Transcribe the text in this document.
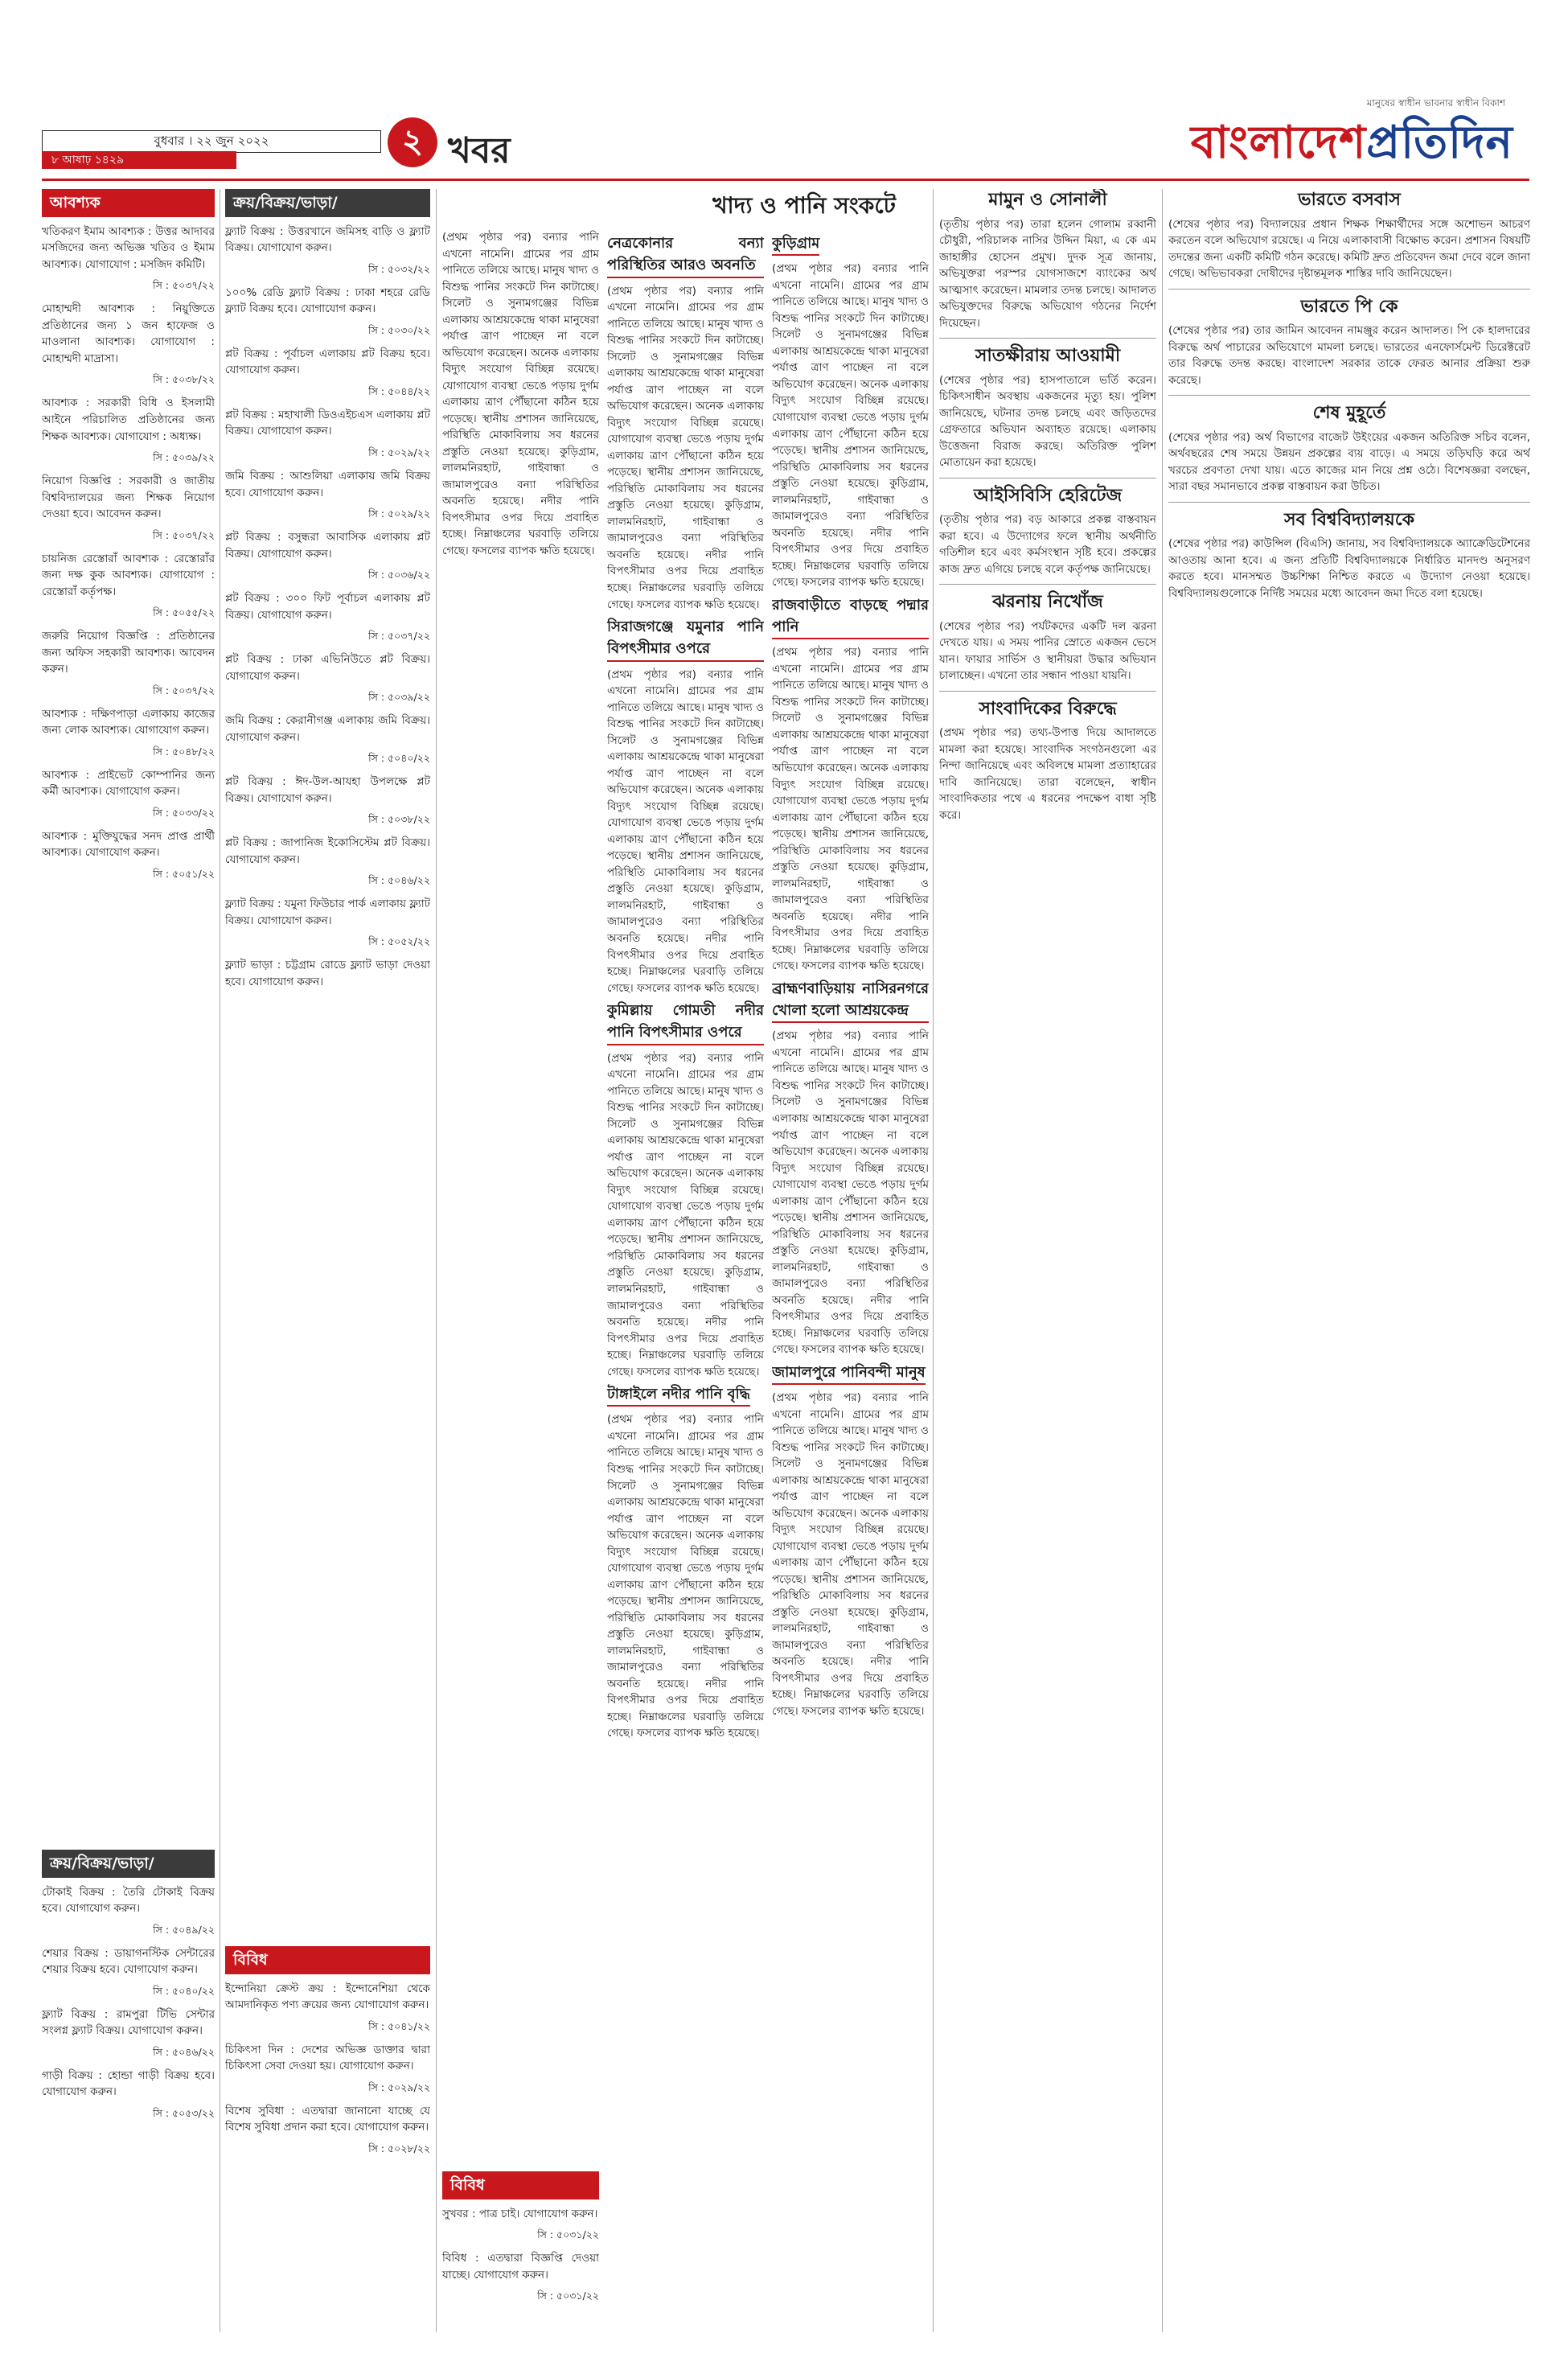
বুধবার । ২২ জুন ২০২২
৮ আষাঢ় ১৪২৯
২ খবর
মানুষের স্বাধীন ভাবনার স্বাধীন বিকাশ
বাংলাদেশপ্রতিদিন
আবশ্যক

খতিকরণ ইমাম আবশ্যক : উত্তর আদাবর মসজিদের জন্য অভিজ্ঞ খতিব ও ইমাম আবশ্যক। যোগাযোগ : মসজিদ কমিটি।

সি : ৫০৩৭/২২

মোহাম্মদী আবশ্যক : নিয়ুক্তিতে প্রতিষ্ঠানের জন্য ১ জন হাফেজ ও মাওলানা আবশ্যক। যোগাযোগ : মোহাম্মদী মাদ্রাসা।

সি : ৫০৩৮/২২

আবশ্যক : সরকারী বিধি ও ইসলামী আইনে পরিচালিত প্রতিষ্ঠানের জন্য শিক্ষক আবশ্যক। যোগাযোগ : অধ্যক্ষ।

সি : ৫০৩৯/২২

নিয়োগ বিজ্ঞপ্তি : সরকারী ও জাতীয় বিশ্ববিদ্যালয়ের জন্য শিক্ষক নিয়োগ দেওয়া হবে। আবেদন করুন।

সি : ৫০৩৭/২২

চায়নিজ রেস্তোরাঁ আবশ্যক : রেস্তোরাঁর জন্য দক্ষ কুক আবশ্যক। যোগাযোগ : রেস্তোরাঁ কর্তৃপক্ষ।

সি : ৫০৫৫/২২

জরুরি নিয়োগ বিজ্ঞপ্তি : প্রতিষ্ঠানের জন্য অফিস সহকারী আবশ্যক। আবেদন করুন।

সি : ৫০৩৭/২২

আবশ্যক : দক্ষিণপাড়া এলাকায় কাজের জন্য লোক আবশ্যক। যোগাযোগ করুন।

সি : ৫০৪৮/২২

আবশ্যক : প্রাইভেট কোম্পানির জন্য কর্মী আবশ্যক। যোগাযোগ করুন।

সি : ৫০৩৩/২২

আবশ্যক : মুক্তিযুদ্ধের সনদ প্রাপ্ত প্রার্থী আবশ্যক। যোগাযোগ করুন।

সি : ৫০৫১/২২
ক্রয়/বিক্রয়/ভাড়া/

টোকাই বিক্রয় : তৈরি টোকাই বিক্রয় হবে। যোগাযোগ করুন।

সি : ৫০৪৯/২২

শেয়ার বিক্রয় : ডায়াগনস্টিক সেন্টারের শেয়ার বিক্রয় হবে। যোগাযোগ করুন।

সি : ৫০৪০/২২

ফ্ল্যাট বিক্রয় : রামপুরা টিভি সেন্টার সংলগ্ন ফ্ল্যাট বিক্রয়। যোগাযোগ করুন।

সি : ৫০৪৬/২২

গাড়ী বিক্রয় : হোন্ডা গাড়ী বিক্রয় হবে। যোগাযোগ করুন।

সি : ৫০৫৩/২২
ক্রয়/বিক্রয়/ভাড়া/

ফ্ল্যাট বিক্রয় : উত্তরখানে জমিসহ বাড়ি ও ফ্ল্যাট বিক্রয়। যোগাযোগ করুন।

সি : ৫০৩২/২২

১০০% রেডি ফ্ল্যাট বিক্রয় : ঢাকা শহরে রেডি ফ্ল্যাট বিক্রয় হবে। যোগাযোগ করুন।

সি : ৫০৩০/২২

প্লট বিক্রয় : পূর্বাচল এলাকায় প্লট বিক্রয় হবে। যোগাযোগ করুন।

সি : ৫০৪৪/২২

প্লট বিক্রয় : মহাখালী ডিওএইচএস এলাকায় প্লট বিক্রয়। যোগাযোগ করুন।

সি : ৫০২৯/২২

জমি বিক্রয় : আশুলিয়া এলাকায় জমি বিক্রয় হবে। যোগাযোগ করুন।

সি : ৫০২৯/২২

প্লট বিক্রয় : বসুন্ধরা আবাসিক এলাকায় প্লট বিক্রয়। যোগাযোগ করুন।

সি : ৫০৩৬/২২

প্লট বিক্রয় : ৩০০ ফিট পূর্বাচল এলাকায় প্লট বিক্রয়। যোগাযোগ করুন।

সি : ৫০৩৭/২২

প্লট বিক্রয় : ঢাকা এভিনিউতে প্লট বিক্রয়। যোগাযোগ করুন।

সি : ৫০৩৯/২২

জমি বিক্রয় : কেরানীগঞ্জ এলাকায় জমি বিক্রয়। যোগাযোগ করুন।

সি : ৫০৪০/২২

প্লট বিক্রয় : ঈদ-উল-আযহা উপলক্ষে প্লট বিক্রয়। যোগাযোগ করুন।

সি : ৫০৩৮/২২

প্লট বিক্রয় : জাপানিজ ইকোসিস্টেম প্লট বিক্রয়। যোগাযোগ করুন।

সি : ৫০৪৬/২২

ফ্ল্যাট বিক্রয় : যমুনা ফিউচার পার্ক এলাকায় ফ্ল্যাট বিক্রয়। যোগাযোগ করুন।

সি : ৫০৫২/২২

ফ্ল্যাট ভাড়া : চট্টগ্রাম রোডে ফ্ল্যাট ভাড়া দেওয়া হবে। যোগাযোগ করুন।

বিবিধ

ইন্দোনিয়া ক্রেস্ট ক্রয় : ইন্দোনেশিয়া থেকে আমদানিকৃত পণ্য ক্রয়ের জন্য যোগাযোগ করুন।

সি : ৫০৪১/২২

চিকিৎসা দিন : দেশের অভিজ্ঞ ডাক্তার দ্বারা চিকিৎসা সেবা দেওয়া হয়। যোগাযোগ করুন।

সি : ৫০২৯/২২

বিশেষ সুবিধা : এতদ্বারা জানানো যাচ্ছে যে বিশেষ সুবিধা প্রদান করা হবে। যোগাযোগ করুন।

সি : ৫০২৮/২২
খাদ্য ও পানি সংকটে

(প্রথম পৃষ্ঠার পর) বন্যার পানি এখনো নামেনি। গ্রামের পর গ্রাম পানিতে তলিয়ে আছে। মানুষ খাদ্য ও বিশুদ্ধ পানির সংকটে দিন কাটাচ্ছে। সিলেট ও সুনামগঞ্জের বিভিন্ন এলাকায় আশ্রয়কেন্দ্রে থাকা মানুষেরা পর্যাপ্ত ত্রাণ পাচ্ছেন না বলে অভিযোগ করেছেন। অনেক এলাকায় বিদ্যুৎ সংযোগ বিচ্ছিন্ন রয়েছে। যোগাযোগ ব্যবস্থা ভেঙে পড়ায় দুর্গম এলাকায় ত্রাণ পৌঁছানো কঠিন হয়ে পড়েছে। স্থানীয় প্রশাসন জানিয়েছে, পরিস্থিতি মোকাবিলায় সব ধরনের প্রস্তুতি নেওয়া হয়েছে। কুড়িগ্রাম, লালমনিরহাট, গাইবান্ধা ও জামালপুরেও বন্যা পরিস্থিতির অবনতি হয়েছে। নদীর পানি বিপৎসীমার ওপর দিয়ে প্রবাহিত হচ্ছে। নিম্নাঞ্চলের ঘরবাড়ি তলিয়ে গেছে। ফসলের ব্যাপক ক্ষতি হয়েছে।

নেত্রকোনার বন্যা পরিস্থিতির আরও অবনতি
(প্রথম পৃষ্ঠার পর) বন্যার পানি এখনো নামেনি। গ্রামের পর গ্রাম পানিতে তলিয়ে আছে। মানুষ খাদ্য ও বিশুদ্ধ পানির সংকটে দিন কাটাচ্ছে। সিলেট ও সুনামগঞ্জের বিভিন্ন এলাকায় আশ্রয়কেন্দ্রে থাকা মানুষেরা পর্যাপ্ত ত্রাণ পাচ্ছেন না বলে অভিযোগ করেছেন। অনেক এলাকায় বিদ্যুৎ সংযোগ বিচ্ছিন্ন রয়েছে। যোগাযোগ ব্যবস্থা ভেঙে পড়ায় দুর্গম এলাকায় ত্রাণ পৌঁছানো কঠিন হয়ে পড়েছে। স্থানীয় প্রশাসন জানিয়েছে, পরিস্থিতি মোকাবিলায় সব ধরনের প্রস্তুতি নেওয়া হয়েছে। কুড়িগ্রাম, লালমনিরহাট, গাইবান্ধা ও জামালপুরেও বন্যা পরিস্থিতির অবনতি হয়েছে। নদীর পানি বিপৎসীমার ওপর দিয়ে প্রবাহিত হচ্ছে। নিম্নাঞ্চলের ঘরবাড়ি তলিয়ে গেছে। ফসলের ব্যাপক ক্ষতি হয়েছে।
সিরাজগঞ্জে যমুনার পানি বিপৎসীমার ওপরে
(প্রথম পৃষ্ঠার পর) বন্যার পানি এখনো নামেনি। গ্রামের পর গ্রাম পানিতে তলিয়ে আছে। মানুষ খাদ্য ও বিশুদ্ধ পানির সংকটে দিন কাটাচ্ছে। সিলেট ও সুনামগঞ্জের বিভিন্ন এলাকায় আশ্রয়কেন্দ্রে থাকা মানুষেরা পর্যাপ্ত ত্রাণ পাচ্ছেন না বলে অভিযোগ করেছেন। অনেক এলাকায় বিদ্যুৎ সংযোগ বিচ্ছিন্ন রয়েছে। যোগাযোগ ব্যবস্থা ভেঙে পড়ায় দুর্গম এলাকায় ত্রাণ পৌঁছানো কঠিন হয়ে পড়েছে। স্থানীয় প্রশাসন জানিয়েছে, পরিস্থিতি মোকাবিলায় সব ধরনের প্রস্তুতি নেওয়া হয়েছে। কুড়িগ্রাম, লালমনিরহাট, গাইবান্ধা ও জামালপুরেও বন্যা পরিস্থিতির অবনতি হয়েছে। নদীর পানি বিপৎসীমার ওপর দিয়ে প্রবাহিত হচ্ছে। নিম্নাঞ্চলের ঘরবাড়ি তলিয়ে গেছে। ফসলের ব্যাপক ক্ষতি হয়েছে।
কুমিল্লায় গোমতী নদীর পানি বিপৎসীমার ওপরে
(প্রথম পৃষ্ঠার পর) বন্যার পানি এখনো নামেনি। গ্রামের পর গ্রাম পানিতে তলিয়ে আছে। মানুষ খাদ্য ও বিশুদ্ধ পানির সংকটে দিন কাটাচ্ছে। সিলেট ও সুনামগঞ্জের বিভিন্ন এলাকায় আশ্রয়কেন্দ্রে থাকা মানুষেরা পর্যাপ্ত ত্রাণ পাচ্ছেন না বলে অভিযোগ করেছেন। অনেক এলাকায় বিদ্যুৎ সংযোগ বিচ্ছিন্ন রয়েছে। যোগাযোগ ব্যবস্থা ভেঙে পড়ায় দুর্গম এলাকায় ত্রাণ পৌঁছানো কঠিন হয়ে পড়েছে। স্থানীয় প্রশাসন জানিয়েছে, পরিস্থিতি মোকাবিলায় সব ধরনের প্রস্তুতি নেওয়া হয়েছে। কুড়িগ্রাম, লালমনিরহাট, গাইবান্ধা ও জামালপুরেও বন্যা পরিস্থিতির অবনতি হয়েছে। নদীর পানি বিপৎসীমার ওপর দিয়ে প্রবাহিত হচ্ছে। নিম্নাঞ্চলের ঘরবাড়ি তলিয়ে গেছে। ফসলের ব্যাপক ক্ষতি হয়েছে।
টাঙ্গাইলে নদীর পানি বৃদ্ধি
(প্রথম পৃষ্ঠার পর) বন্যার পানি এখনো নামেনি। গ্রামের পর গ্রাম পানিতে তলিয়ে আছে। মানুষ খাদ্য ও বিশুদ্ধ পানির সংকটে দিন কাটাচ্ছে। সিলেট ও সুনামগঞ্জের বিভিন্ন এলাকায় আশ্রয়কেন্দ্রে থাকা মানুষেরা পর্যাপ্ত ত্রাণ পাচ্ছেন না বলে অভিযোগ করেছেন। অনেক এলাকায় বিদ্যুৎ সংযোগ বিচ্ছিন্ন রয়েছে। যোগাযোগ ব্যবস্থা ভেঙে পড়ায় দুর্গম এলাকায় ত্রাণ পৌঁছানো কঠিন হয়ে পড়েছে। স্থানীয় প্রশাসন জানিয়েছে, পরিস্থিতি মোকাবিলায় সব ধরনের প্রস্তুতি নেওয়া হয়েছে। কুড়িগ্রাম, লালমনিরহাট, গাইবান্ধা ও জামালপুরেও বন্যা পরিস্থিতির অবনতি হয়েছে। নদীর পানি বিপৎসীমার ওপর দিয়ে প্রবাহিত হচ্ছে। নিম্নাঞ্চলের ঘরবাড়ি তলিয়ে গেছে। ফসলের ব্যাপক ক্ষতি হয়েছে।

কুড়িগ্রাম
(প্রথম পৃষ্ঠার পর) বন্যার পানি এখনো নামেনি। গ্রামের পর গ্রাম পানিতে তলিয়ে আছে। মানুষ খাদ্য ও বিশুদ্ধ পানির সংকটে দিন কাটাচ্ছে। সিলেট ও সুনামগঞ্জের বিভিন্ন এলাকায় আশ্রয়কেন্দ্রে থাকা মানুষেরা পর্যাপ্ত ত্রাণ পাচ্ছেন না বলে অভিযোগ করেছেন। অনেক এলাকায় বিদ্যুৎ সংযোগ বিচ্ছিন্ন রয়েছে। যোগাযোগ ব্যবস্থা ভেঙে পড়ায় দুর্গম এলাকায় ত্রাণ পৌঁছানো কঠিন হয়ে পড়েছে। স্থানীয় প্রশাসন জানিয়েছে, পরিস্থিতি মোকাবিলায় সব ধরনের প্রস্তুতি নেওয়া হয়েছে। কুড়িগ্রাম, লালমনিরহাট, গাইবান্ধা ও জামালপুরেও বন্যা পরিস্থিতির অবনতি হয়েছে। নদীর পানি বিপৎসীমার ওপর দিয়ে প্রবাহিত হচ্ছে। নিম্নাঞ্চলের ঘরবাড়ি তলিয়ে গেছে। ফসলের ব্যাপক ক্ষতি হয়েছে।
রাজবাড়ীতে বাড়ছে পদ্মার পানি
(প্রথম পৃষ্ঠার পর) বন্যার পানি এখনো নামেনি। গ্রামের পর গ্রাম পানিতে তলিয়ে আছে। মানুষ খাদ্য ও বিশুদ্ধ পানির সংকটে দিন কাটাচ্ছে। সিলেট ও সুনামগঞ্জের বিভিন্ন এলাকায় আশ্রয়কেন্দ্রে থাকা মানুষেরা পর্যাপ্ত ত্রাণ পাচ্ছেন না বলে অভিযোগ করেছেন। অনেক এলাকায় বিদ্যুৎ সংযোগ বিচ্ছিন্ন রয়েছে। যোগাযোগ ব্যবস্থা ভেঙে পড়ায় দুর্গম এলাকায় ত্রাণ পৌঁছানো কঠিন হয়ে পড়েছে। স্থানীয় প্রশাসন জানিয়েছে, পরিস্থিতি মোকাবিলায় সব ধরনের প্রস্তুতি নেওয়া হয়েছে। কুড়িগ্রাম, লালমনিরহাট, গাইবান্ধা ও জামালপুরেও বন্যা পরিস্থিতির অবনতি হয়েছে। নদীর পানি বিপৎসীমার ওপর দিয়ে প্রবাহিত হচ্ছে। নিম্নাঞ্চলের ঘরবাড়ি তলিয়ে গেছে। ফসলের ব্যাপক ক্ষতি হয়েছে।
ব্রাহ্মণবাড়িয়ায় নাসিরনগরে খোলা হলো আশ্রয়কেন্দ্র
(প্রথম পৃষ্ঠার পর) বন্যার পানি এখনো নামেনি। গ্রামের পর গ্রাম পানিতে তলিয়ে আছে। মানুষ খাদ্য ও বিশুদ্ধ পানির সংকটে দিন কাটাচ্ছে। সিলেট ও সুনামগঞ্জের বিভিন্ন এলাকায় আশ্রয়কেন্দ্রে থাকা মানুষেরা পর্যাপ্ত ত্রাণ পাচ্ছেন না বলে অভিযোগ করেছেন। অনেক এলাকায় বিদ্যুৎ সংযোগ বিচ্ছিন্ন রয়েছে। যোগাযোগ ব্যবস্থা ভেঙে পড়ায় দুর্গম এলাকায় ত্রাণ পৌঁছানো কঠিন হয়ে পড়েছে। স্থানীয় প্রশাসন জানিয়েছে, পরিস্থিতি মোকাবিলায় সব ধরনের প্রস্তুতি নেওয়া হয়েছে। কুড়িগ্রাম, লালমনিরহাট, গাইবান্ধা ও জামালপুরেও বন্যা পরিস্থিতির অবনতি হয়েছে। নদীর পানি বিপৎসীমার ওপর দিয়ে প্রবাহিত হচ্ছে। নিম্নাঞ্চলের ঘরবাড়ি তলিয়ে গেছে। ফসলের ব্যাপক ক্ষতি হয়েছে।
জামালপুরে পানিবন্দী মানুষ
(প্রথম পৃষ্ঠার পর) বন্যার পানি এখনো নামেনি। গ্রামের পর গ্রাম পানিতে তলিয়ে আছে। মানুষ খাদ্য ও বিশুদ্ধ পানির সংকটে দিন কাটাচ্ছে। সিলেট ও সুনামগঞ্জের বিভিন্ন এলাকায় আশ্রয়কেন্দ্রে থাকা মানুষেরা পর্যাপ্ত ত্রাণ পাচ্ছেন না বলে অভিযোগ করেছেন। অনেক এলাকায় বিদ্যুৎ সংযোগ বিচ্ছিন্ন রয়েছে। যোগাযোগ ব্যবস্থা ভেঙে পড়ায় দুর্গম এলাকায় ত্রাণ পৌঁছানো কঠিন হয়ে পড়েছে। স্থানীয় প্রশাসন জানিয়েছে, পরিস্থিতি মোকাবিলায় সব ধরনের প্রস্তুতি নেওয়া হয়েছে। কুড়িগ্রাম, লালমনিরহাট, গাইবান্ধা ও জামালপুরেও বন্যা পরিস্থিতির অবনতি হয়েছে। নদীর পানি বিপৎসীমার ওপর দিয়ে প্রবাহিত হচ্ছে। নিম্নাঞ্চলের ঘরবাড়ি তলিয়ে গেছে। ফসলের ব্যাপক ক্ষতি হয়েছে।

বিবিধ

সুখবর : পাত্র চাই। যোগাযোগ করুন।

সি : ৫০৩১/২২

বিবিধ : এতদ্বারা বিজ্ঞপ্তি দেওয়া যাচ্ছে। যোগাযোগ করুন।

সি : ৫০৩১/২২
মামুন ও সোনালী

(তৃতীয় পৃষ্ঠার পর) তারা হলেন গোলাম রব্বানী চৌধুরী, পরিচালক নাসির উদ্দিন মিয়া, এ কে এম জাহাঙ্গীর হোসেন প্রমুখ। দুদক সূত্র জানায়, অভিযুক্তরা পরস্পর যোগসাজশে ব্যাংকের অর্থ আত্মসাৎ করেছেন। মামলার তদন্ত চলছে। আদালত অভিযুক্তদের বিরুদ্ধে অভিযোগ গঠনের নির্দেশ দিয়েছেন।

সাতক্ষীরায় আওয়ামী

(শেষের পৃষ্ঠার পর) হাসপাতালে ভর্তি করেন। চিকিৎসাধীন অবস্থায় একজনের মৃত্যু হয়। পুলিশ জানিয়েছে, ঘটনার তদন্ত চলছে এবং জড়িতদের গ্রেফতারে অভিযান অব্যাহত রয়েছে। এলাকায় উত্তেজনা বিরাজ করছে। অতিরিক্ত পুলিশ মোতায়েন করা হয়েছে।

আইসিবিসি হেরিটেজ

(তৃতীয় পৃষ্ঠার পর) বড় আকারে প্রকল্প বাস্তবায়ন করা হবে। এ উদ্যোগের ফলে স্থানীয় অর্থনীতি গতিশীল হবে এবং কর্মসংস্থান সৃষ্টি হবে। প্রকল্পের কাজ দ্রুত এগিয়ে চলছে বলে কর্তৃপক্ষ জানিয়েছে।

ঝরনায় নিখোঁজ

(শেষের পৃষ্ঠার পর) পর্যটকদের একটি দল ঝরনা দেখতে যায়। এ সময় পানির স্রোতে একজন ভেসে যান। ফায়ার সার্ভিস ও স্থানীয়রা উদ্ধার অভিযান চালাচ্ছেন। এখনো তার সন্ধান পাওয়া যায়নি।

সাংবাদিকের বিরুদ্ধে

(প্রথম পৃষ্ঠার পর) তথ্য-উপাত্ত দিয়ে আদালতে মামলা করা হয়েছে। সাংবাদিক সংগঠনগুলো এর নিন্দা জানিয়েছে এবং অবিলম্বে মামলা প্রত্যাহারের দাবি জানিয়েছে। তারা বলেছেন, স্বাধীন সাংবাদিকতার পথে এ ধরনের পদক্ষেপ বাধা সৃষ্টি করে।

ভারতে বসবাস

(শেষের পৃষ্ঠার পর) বিদ্যালয়ের প্রধান শিক্ষক শিক্ষার্থীদের সঙ্গে অশোভন আচরণ করতেন বলে অভিযোগ রয়েছে। এ নিয়ে এলাকাবাসী বিক্ষোভ করেন। প্রশাসন বিষয়টি তদন্তের জন্য একটি কমিটি গঠন করেছে। কমিটি দ্রুত প্রতিবেদন জমা দেবে বলে জানা গেছে। অভিভাবকরা দোষীদের দৃষ্টান্তমূলক শাস্তির দাবি জানিয়েছেন।

ভারতে পি কে

(শেষের পৃষ্ঠার পর) তার জামিন আবেদন নামঞ্জুর করেন আদালত। পি কে হালদারের বিরুদ্ধে অর্থ পাচারের অভিযোগে মামলা চলছে। ভারতের এনফোর্সমেন্ট ডিরেক্টরেট তার বিরুদ্ধে তদন্ত করছে। বাংলাদেশ সরকার তাকে ফেরত আনার প্রক্রিয়া শুরু করেছে।

শেষ মুহূর্তে

(শেষের পৃষ্ঠার পর) অর্থ বিভাগের বাজেট উইংয়ের একজন অতিরিক্ত সচিব বলেন, অর্থবছরের শেষ সময়ে উন্নয়ন প্রকল্পের ব্যয় বাড়ে। এ সময়ে তড়িঘড়ি করে অর্থ খরচের প্রবণতা দেখা যায়। এতে কাজের মান নিয়ে প্রশ্ন ওঠে। বিশেষজ্ঞরা বলছেন, সারা বছর সমানভাবে প্রকল্প বাস্তবায়ন করা উচিত।

সব বিশ্ববিদ্যালয়কে

(শেষের পৃষ্ঠার পর) কাউন্সিল (বিএসি) জানায়, সব বিশ্ববিদ্যালয়কে অ্যাক্রেডিটেশনের আওতায় আনা হবে। এ জন্য প্রতিটি বিশ্ববিদ্যালয়কে নির্ধারিত মানদণ্ড অনুসরণ করতে হবে। মানসম্মত উচ্চশিক্ষা নিশ্চিত করতে এ উদ্যোগ নেওয়া হয়েছে। বিশ্ববিদ্যালয়গুলোকে নির্দিষ্ট সময়ের মধ্যে আবেদন জমা দিতে বলা হয়েছে।
